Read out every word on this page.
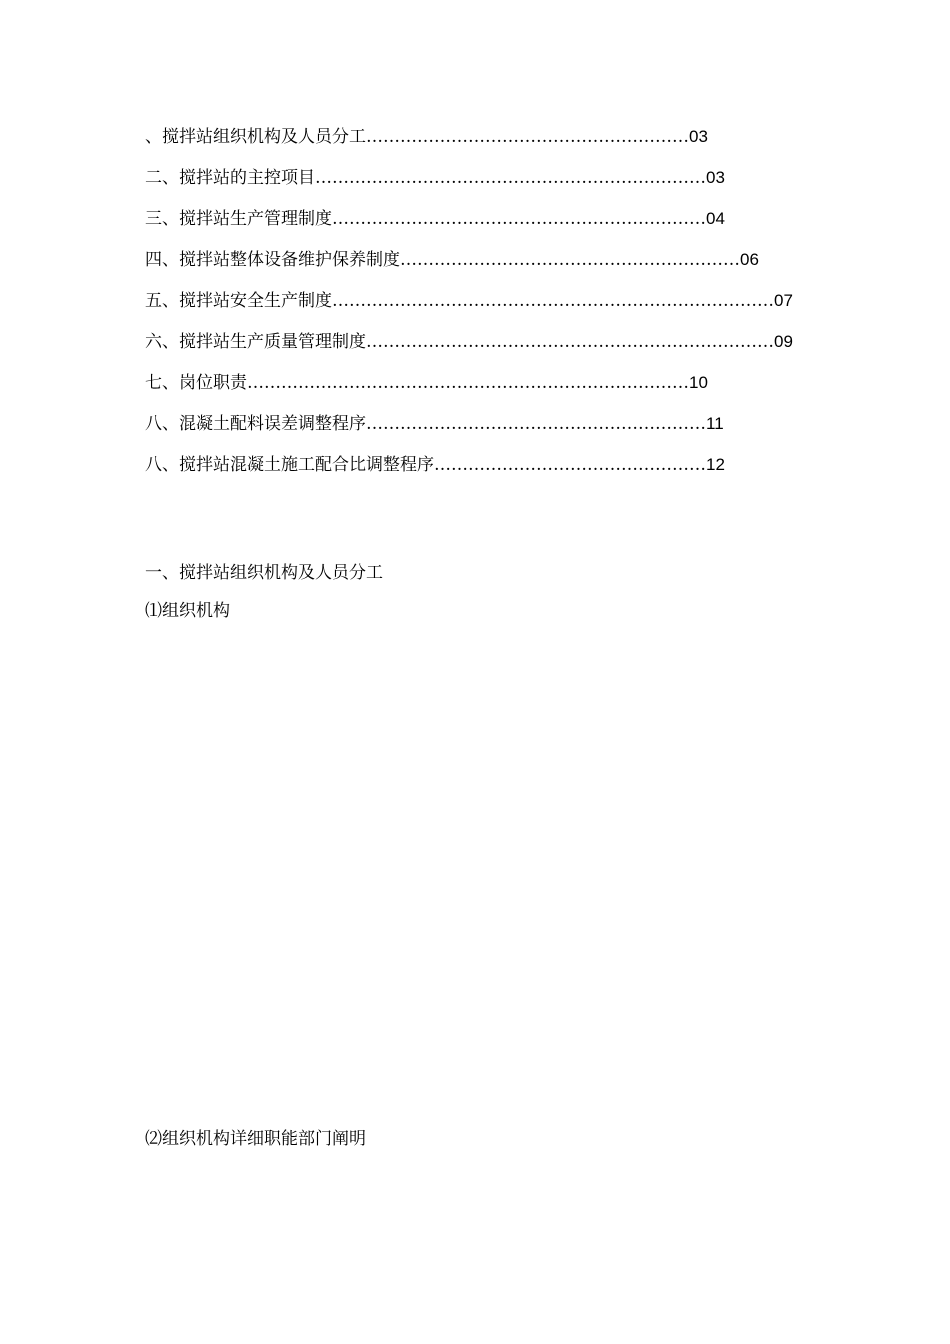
、搅拌站组织机构及人员分工…………………………………………………03
二、搅拌站的主控项目……………………………………………………………03
三、搅拌站生产管理制度…………………………………………………………04
四、搅拌站整体设备维护保养制度……………………………………………………06
五、搅拌站安全生产制度……………………………………………………………………07
六、搅拌站生产质量管理制度………………………………………………………………09
七、岗位职责……………………………………………………………………10
八、混凝土配料误差调整程序……………………………………………………11
八、搅拌站混凝土施工配合比调整程序…………………………………………12
一、搅拌站组织机构及人员分工
⑴组织机构
⑵组织机构详细职能部门阐明
